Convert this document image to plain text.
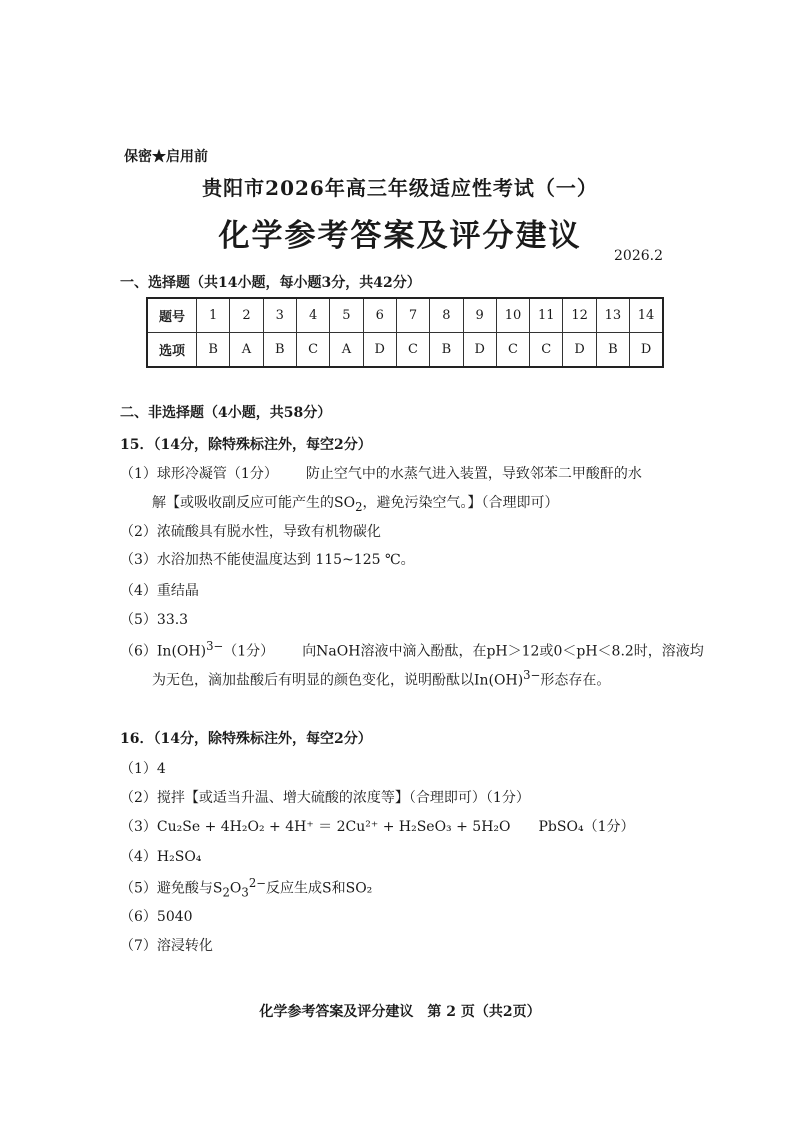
保密★启用前
贵阳市2026年高三年级适应性考试（一）
化学参考答案及评分建议
2026.2
一、选择题（共14小题，每小题3分，共42分）
题号	1	2	3	4	5	6	7	8	9	10	11	12	13	14
选项	B	A	B	C	A	D	C	B	D	C	C	D	B	D
二、非选择题（4小题，共58分）
15．（14分，除特殊标注外，每空2分）
（1）球形冷凝管（1分） 防止空气中的水蒸气进入装置，导致邻苯二甲酸酐的水
解【或吸收副反应可能产生的$SO_2$，避免污染空气。】（合理即可）
（2）浓硫酸具有脱水性，导致有机物碳化
（3）水浴加热不能使温度达到 115~125 ℃。
（4）重结晶
（5）33.3
（6）In(OH)$^{3-}$（1分） 向NaOH溶液中滴入酚酞，在pH＞12或0＜pH＜8.2时，溶液均
为无色，滴加盐酸后有明显的颜色变化，说明酚酞以In(OH)$^{3-}$形态存在。
16．（14分，除特殊标注外，每空2分）
（1）4
（2）搅拌【或适当升温、增大硫酸的浓度等】（合理即可）（1分）
（3）Cu₂Se + 4H₂O₂ + 4H⁺ ＝ 2Cu²⁺ + H₂SeO₃ + 5H₂O PbSO₄（1分）
（4）H₂SO₄
（5）避免酸与$S_2O_3^{2-}$反应生成S和SO₂
（6）5040
（7）溶浸转化
化学参考答案及评分建议　第 2 页（共2页）
